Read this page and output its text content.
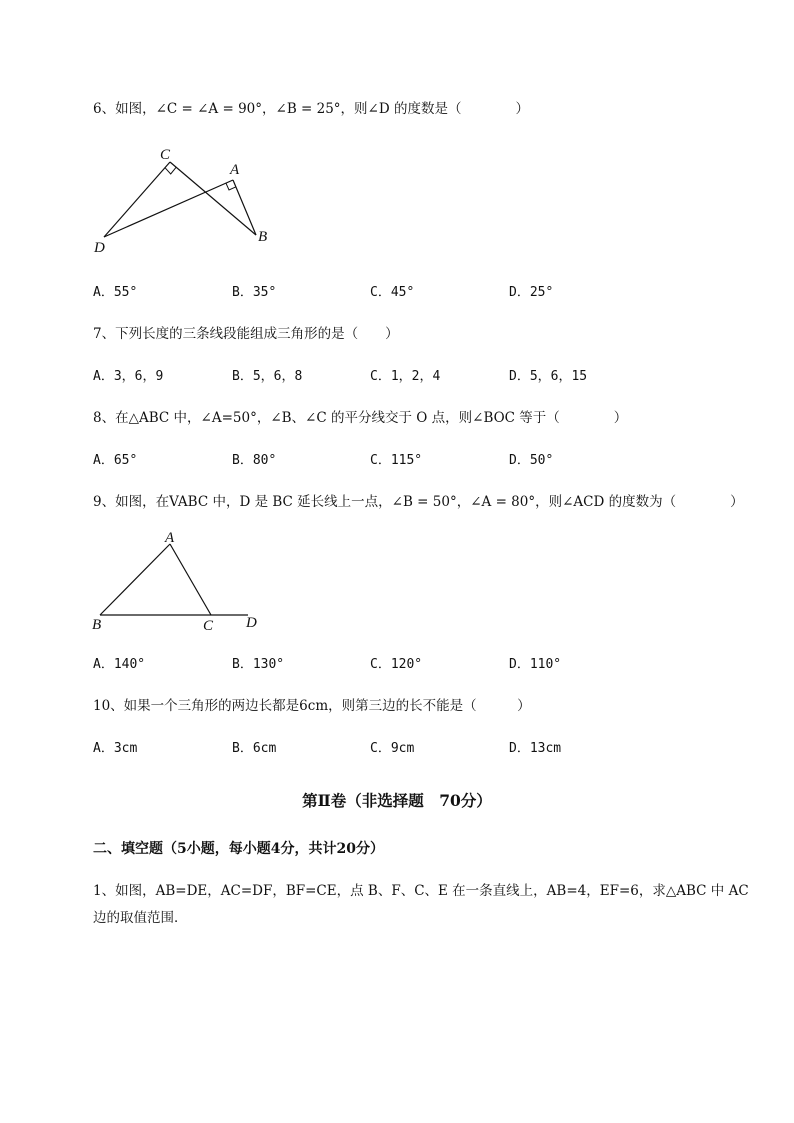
6、如图，∠C = ∠A = 90°，∠B = 25°，则∠D 的度数是（　　　　）
C
A
D
B
A．55°	B．35°	C．45°	D．25°
7、下列长度的三条线段能组成三角形的是（　　）
A．3，6，9	B．5，6，8	C．1，2，4	D．5，6，15
8、在△ABC 中，∠A=50°，∠B、∠C 的平分线交于 O 点，则∠BOC 等于（　　　　）
A．65°	B．80°	C．115°	D．50°
9、如图，在VABC 中，D 是 BC 延长线上一点，∠B = 50°，∠A = 80°，则∠ACD 的度数为（　　　　）
A
B	C D
A．140°	B．130°	C．120°	D．110°
10、如果一个三角形的两边长都是6cm，则第三边的长不能是（　　　）
A．3cm	B．6cm	C．9cm	D．13cm
第Ⅱ卷（非选择题　70分）
二、填空题（5小题，每小题4分，共计20分）
1、如图，AB=DE，AC=DF，BF=CE，点 B、F、C、E 在一条直线上，AB=4，EF=6，求△ABC 中 AC
边的取值范围．
